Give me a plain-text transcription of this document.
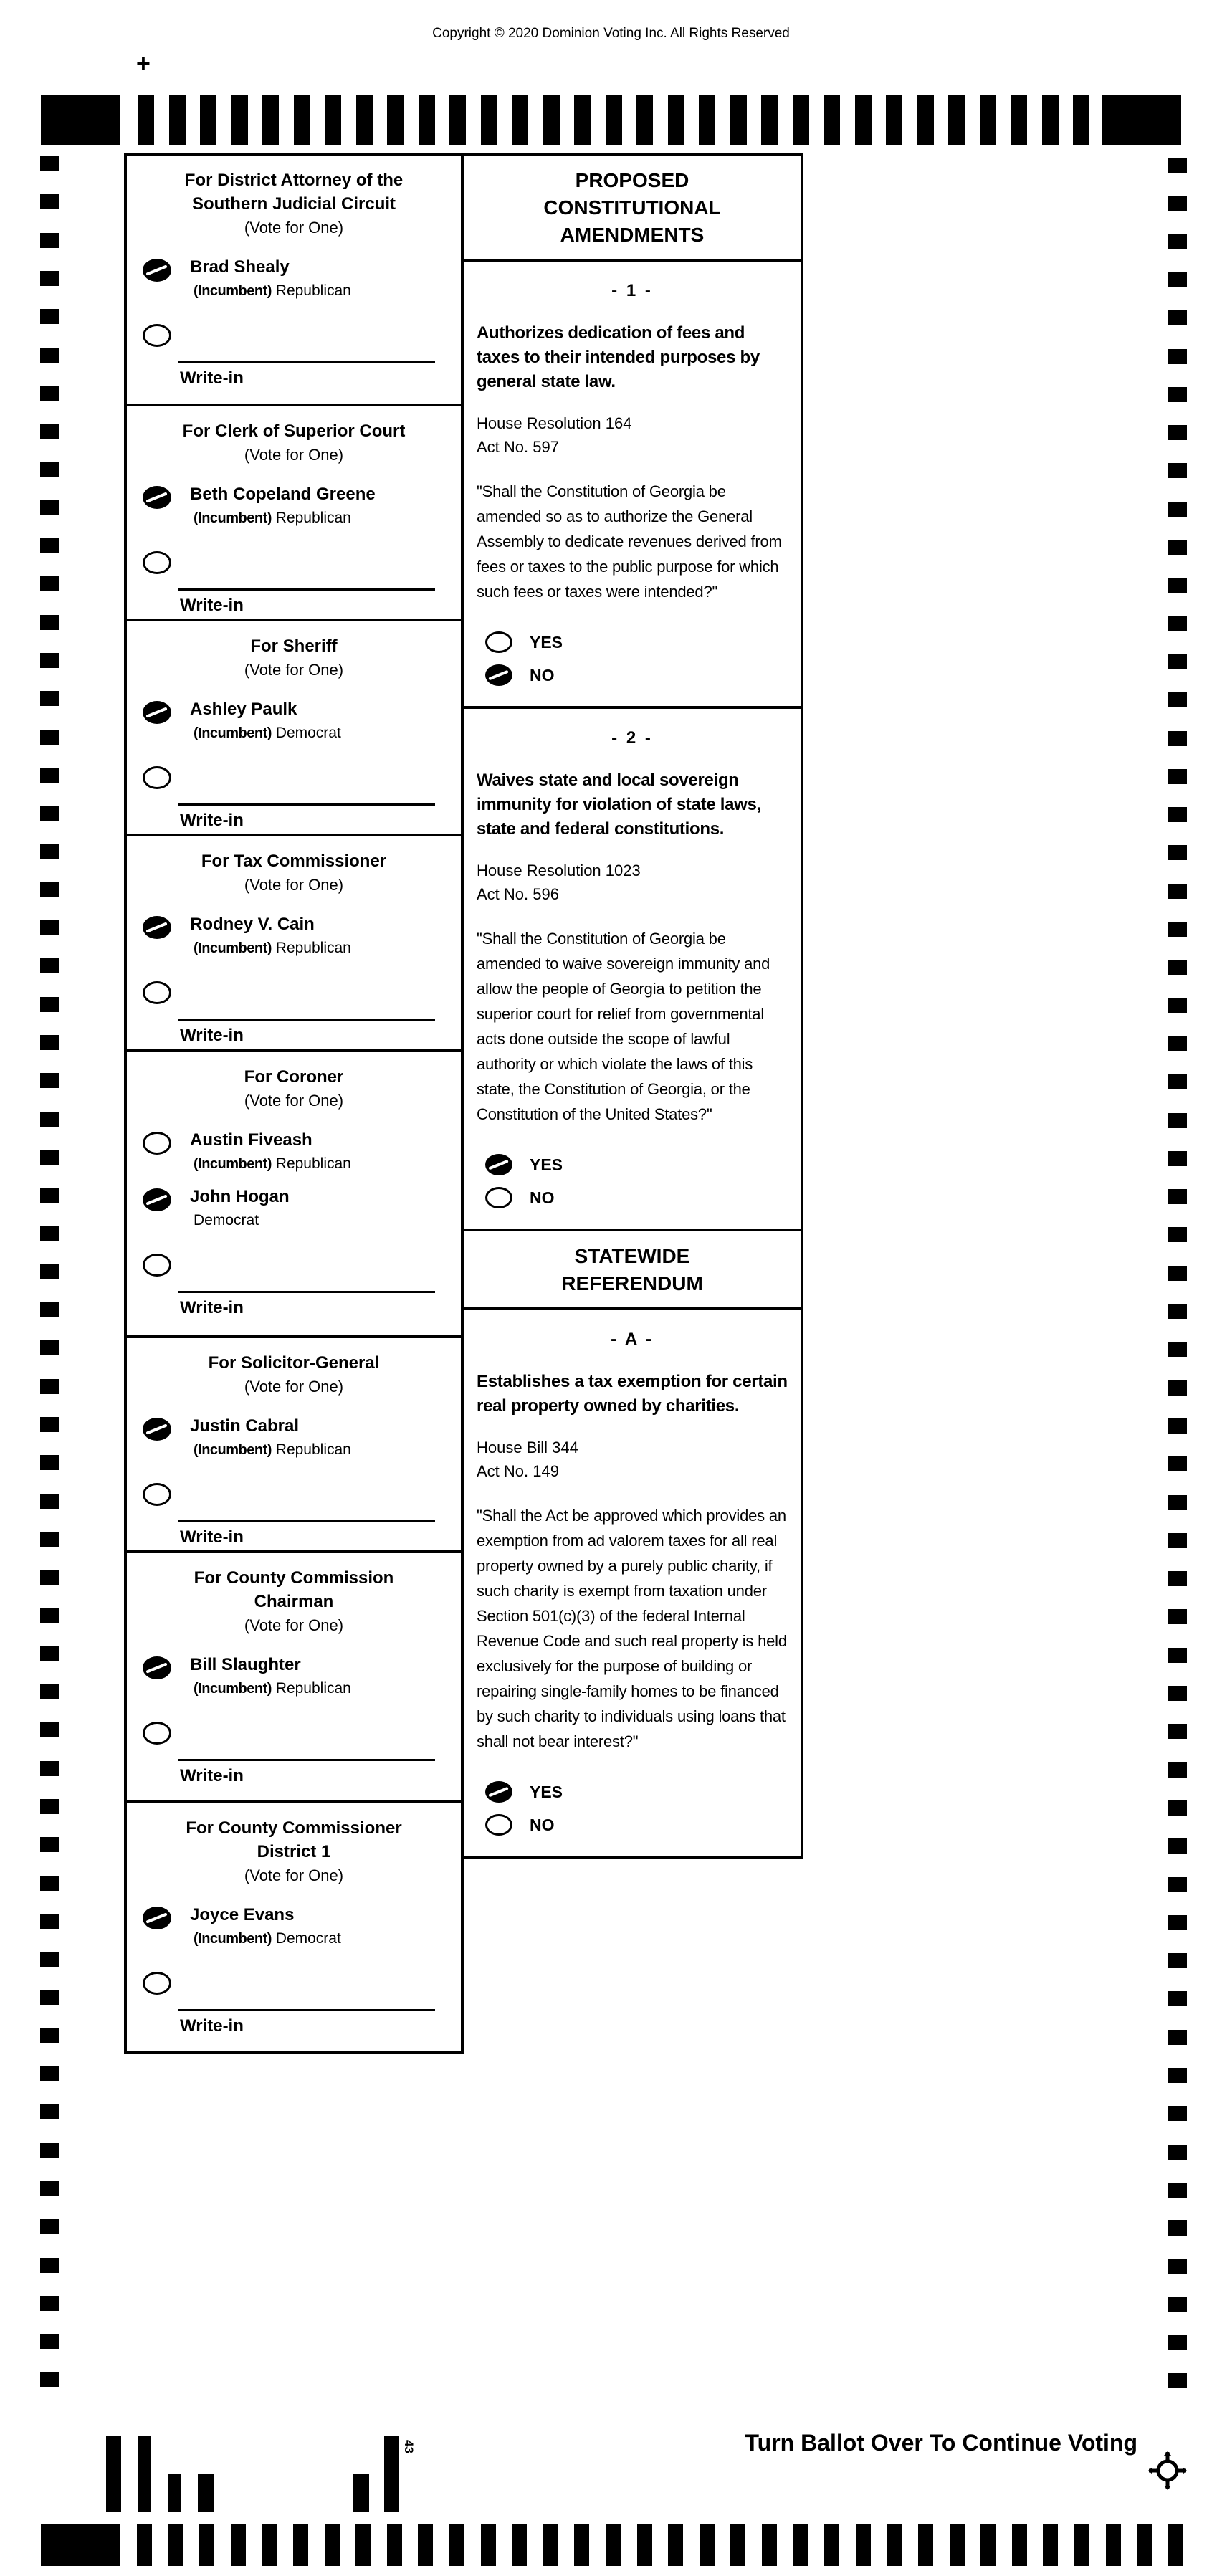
Copyright © 2020 Dominion Voting Inc. All Rights Reserved
+
For District Attorney of the
Southern Judicial Circuit
(Vote for One)
Brad Shealy
(Incumbent) Republican
Write-in
For Clerk of Superior Court
(Vote for One)
Beth Copeland Greene
(Incumbent) Republican
Write-in
For Sheriff
(Vote for One)
Ashley Paulk
(Incumbent) Democrat
Write-in
For Tax Commissioner
(Vote for One)
Rodney V. Cain
(Incumbent) Republican
Write-in
For Coroner
(Vote for One)
Austin Fiveash
(Incumbent) Republican
John Hogan
Democrat
Write-in
For Solicitor-General
(Vote for One)
Justin Cabral
(Incumbent) Republican
Write-in
For County Commission
Chairman
(Vote for One)
Bill Slaughter
(Incumbent) Republican
Write-in
For County Commissioner
District 1
(Vote for One)
Joyce Evans
(Incumbent) Democrat
Write-in
PROPOSED
CONSTITUTIONAL
AMENDMENTS
- 1 -
Authorizes dedication of fees and taxes to their intended purposes by general state law.
House Resolution 164
Act No. 597
"Shall the Constitution of Georgia be amended so as to authorize the General Assembly to dedicate revenues derived from fees or taxes to the public purpose for which such fees or taxes were intended?"
YES
NO
- 2 -
Waives state and local sovereign immunity for violation of state laws, state and federal constitutions.
House Resolution 1023
Act No. 596
"Shall the Constitution of Georgia be amended to waive sovereign immunity and allow the people of Georgia to petition the superior court for relief from governmental acts done outside the scope of lawful authority or which violate the laws of this state, the Constitution of Georgia, or the Constitution of the United States?"
YES
NO
STATEWIDE
REFERENDUM
- A -
Establishes a tax exemption for certain real property owned by charities.
House Bill 344
Act No. 149
"Shall the Act be approved which provides an exemption from ad valorem taxes for all real property owned by a purely public charity, if such charity is exempt from taxation under Section 501(c)(3) of the federal Internal Revenue Code and such real property is held exclusively for the purpose of building or repairing single-family homes to be financed by such charity to individuals using loans that shall not bear interest?"
YES
NO
Turn Ballot Over To Continue Voting
43
